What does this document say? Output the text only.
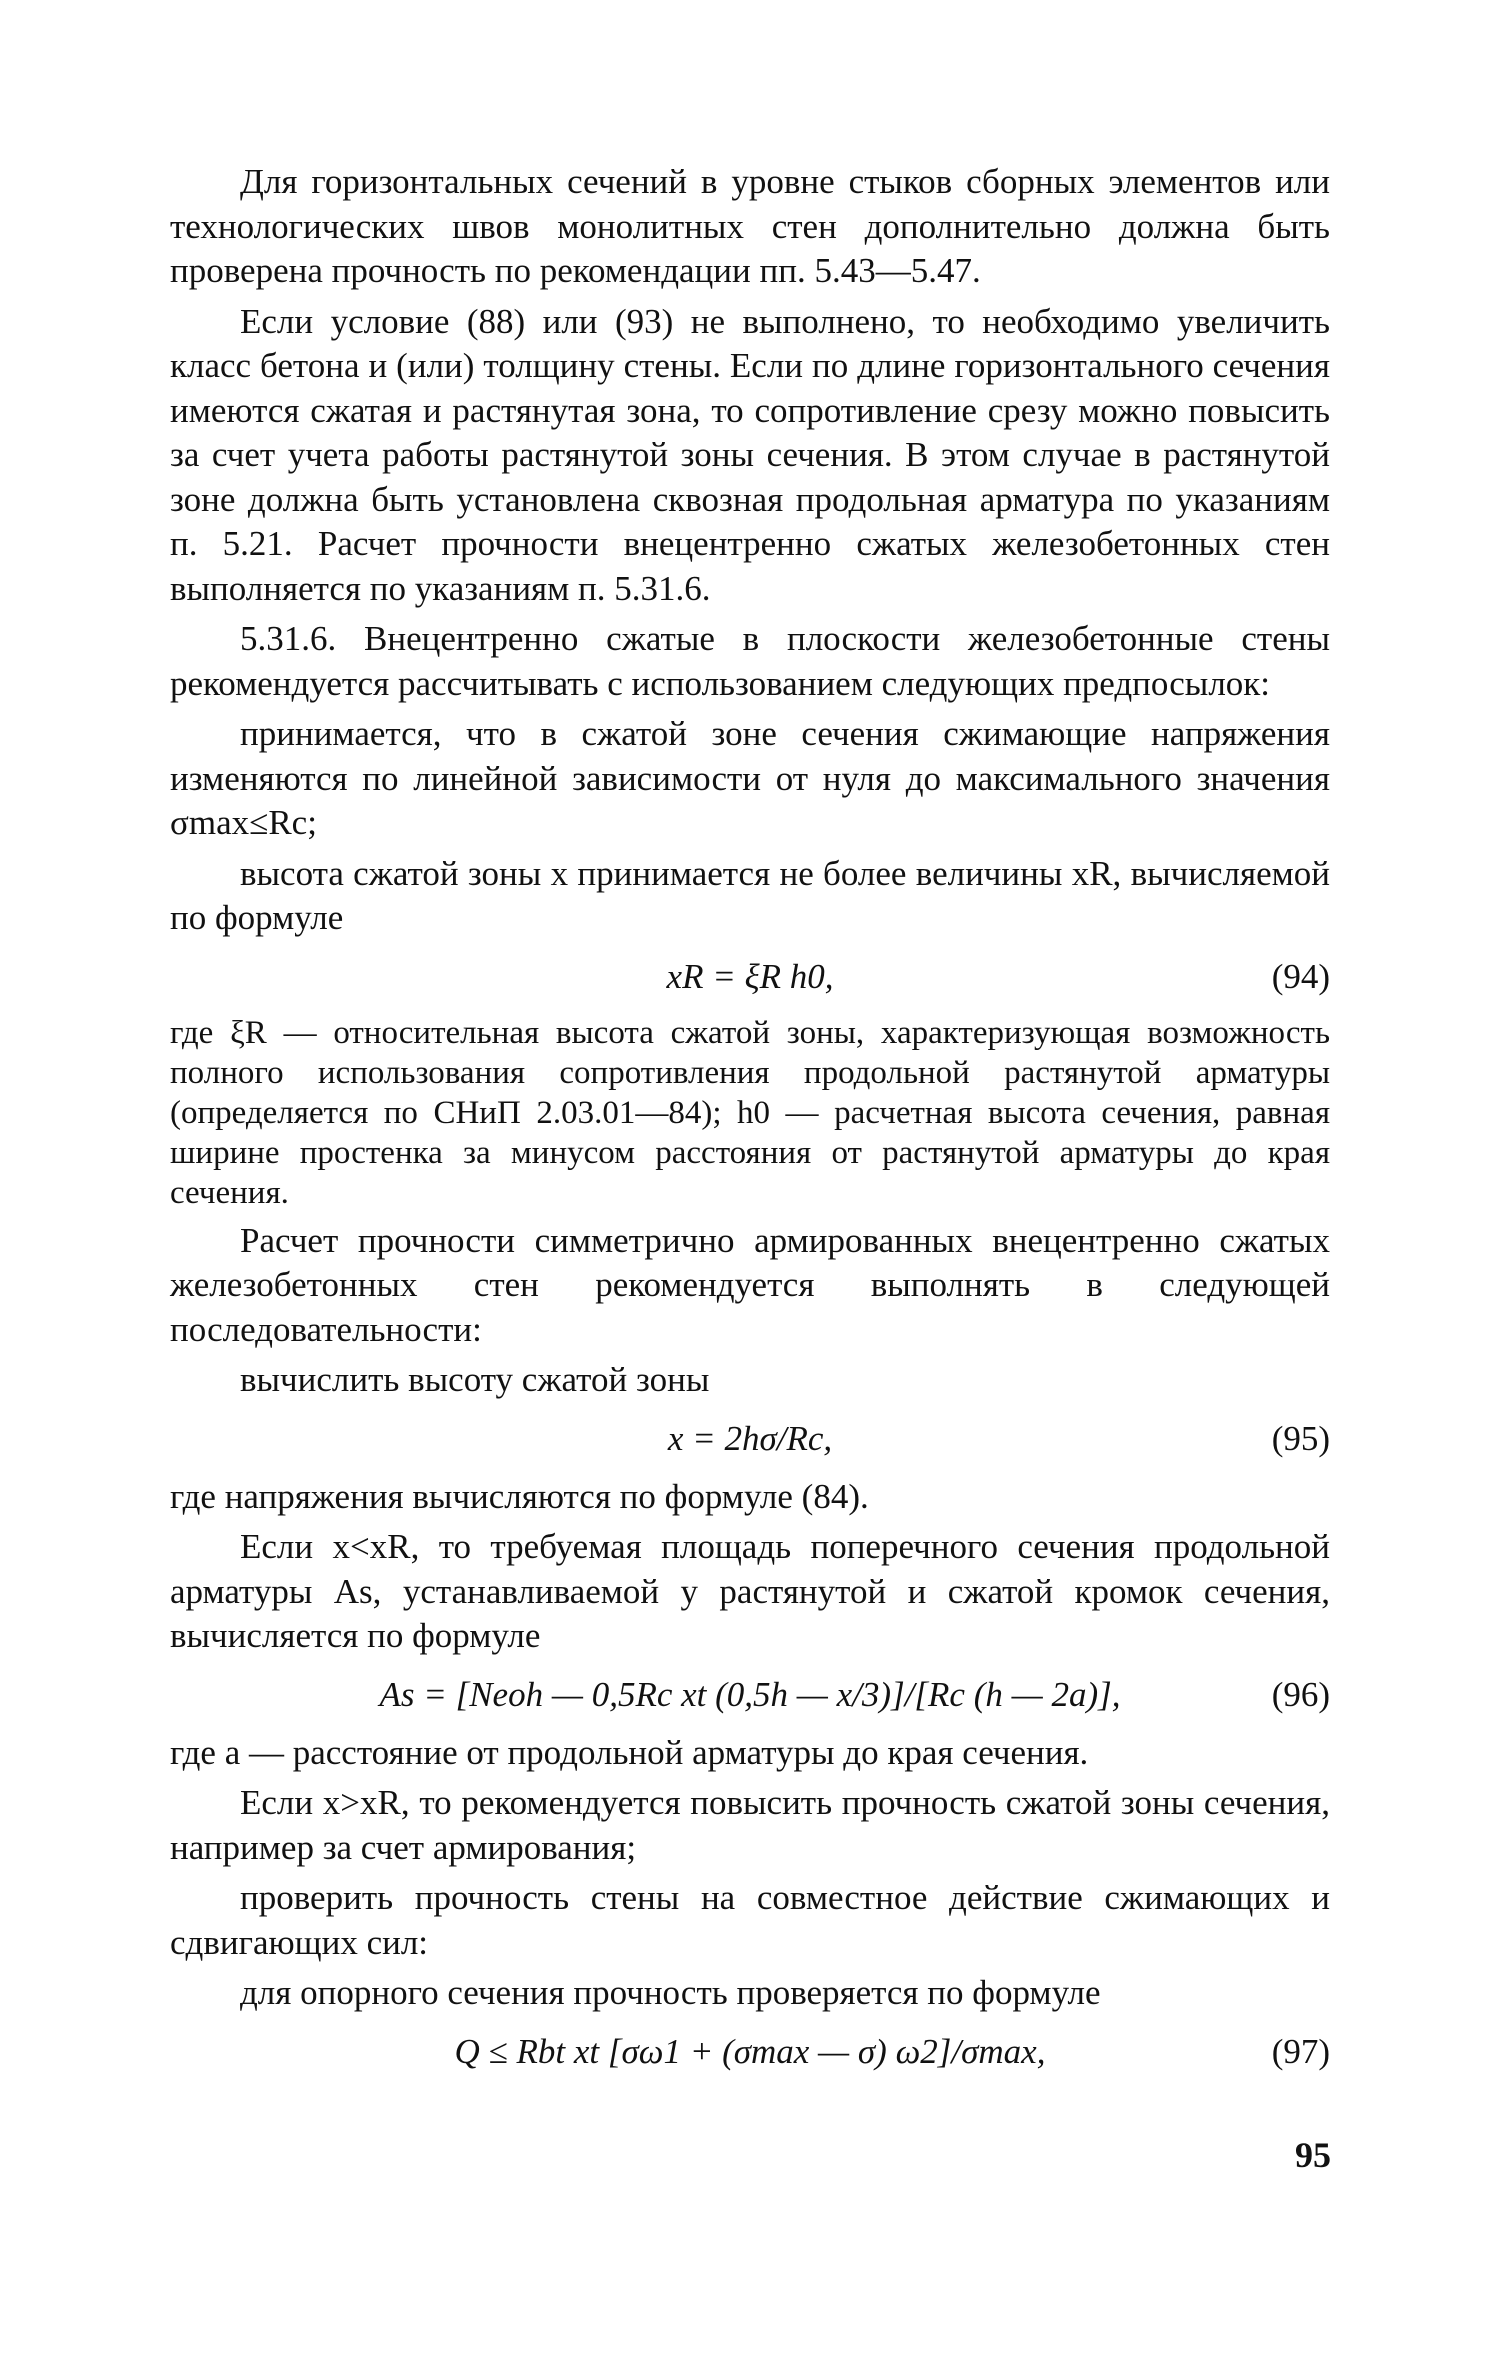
Для горизонтальных сечений в уровне стыков сборных элементов или технологических швов монолитных стен дополнительно должна быть проверена прочность по рекомендации пп. 5.43—5.47.

Если условие (88) или (93) не выполнено, то необходимо увеличить класс бетона и (или) толщину стены. Если по длине горизонтального сечения имеются сжатая и растянутая зона, то сопротивление срезу можно повысить за счет учета работы растянутой зоны сечения. В этом случае в растянутой зоне должна быть установлена сквозная продольная арматура по указаниям п. 5.21. Расчет прочности внецентренно сжатых железобетонных стен выполняется по указаниям п. 5.31.6.

5.31.6. Внецентренно сжатые в плоскости железобетонные стены рекомендуется рассчитывать с использованием следующих предпосылок:

принимается, что в сжатой зоне сечения сжимающие напряжения изменяются по линейной зависимости от нуля до максимального значения σmax≤Rc;

высота сжатой зоны x принимается не более величины xR, вычисляемой по формуле

xR = ξR h0,	(94)

где ξR — относительная высота сжатой зоны, характеризующая возможность полного использования сопротивления продольной растянутой арматуры (определяется по СНиП 2.03.01—84); h0 — расчетная высота сечения, равная ширине простенка за минусом расстояния от растянутой арматуры до края сечения.

Расчет прочности симметрично армированных внецентренно сжатых железобетонных стен рекомендуется выполнять в следующей последовательности:

вычислить высоту сжатой зоны

x = 2hσ/Rc,	(95)

где напряжения вычисляются по формуле (84).

Если x<xR, то требуемая площадь поперечного сечения продольной арматуры As, устанавливаемой у растянутой и сжатой кромок сечения, вычисляется по формуле

As = [Neoh — 0,5Rc xt (0,5h — x/3)]/[Rc (h — 2a)],	(96)

где a — расстояние от продольной арматуры до края сечения.

Если x>xR, то рекомендуется повысить прочность сжатой зоны сечения, например за счет армирования;

проверить прочность стены на совместное действие сжимающих и сдвигающих сил:

для опорного сечения прочность проверяется по формуле

Q ≤ Rbt xt [σω1 + (σmax — σ) ω2]/σmax,	(97)
95
